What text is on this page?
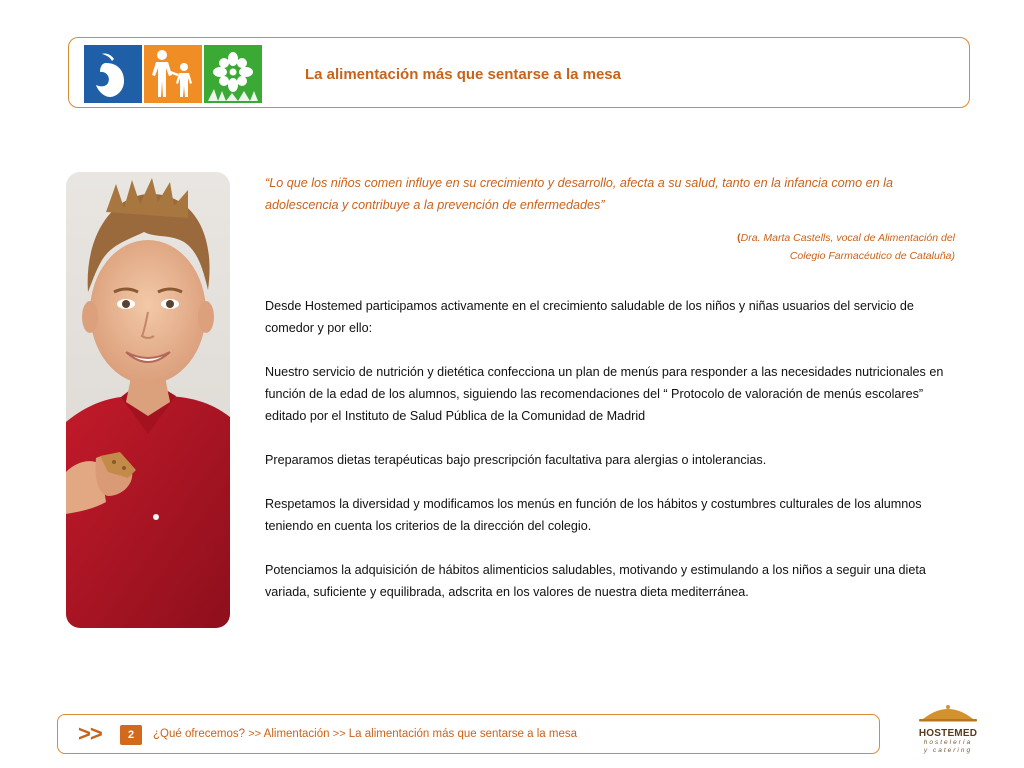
La alimentación más que sentarse a la mesa

“Lo que los niños comen influye en su crecimiento y desarrollo, afecta a su salud, tanto en la infancia como en la adolescencia y contribuye a la prevención de enfermedades”

(Dra. Marta Castells, vocal de Alimentación del
Colegio Farmacéutico de Cataluña)

Desde Hostemed participamos activamente en el crecimiento saludable de los niños y niñas usuarios del servicio de comedor y por ello:

Nuestro servicio de nutrición y dietética confecciona un plan de menús para responder a las necesidades nutricionales en función de la edad de los alumnos, siguiendo las recomendaciones del “ Protocolo de valoración de menús escolares” editado por el Instituto de Salud Pública de la Comunidad de Madrid

Preparamos dietas terapéuticas bajo prescripción facultativa para alergias o intolerancias.

Respetamos la diversidad y modificamos los menús en función de los hábitos y costumbres culturales de los alumnos teniendo en cuenta los criterios de la dirección del colegio.

Potenciamos la adquisición de hábitos alimenticios saludables, motivando y estimulando a los niños a seguir una dieta variada, suficiente y equilibrada, adscrita en los valores de nuestra dieta mediterránea.

>>	2	¿Qué ofrecemos? >> Alimentación >> La alimentación más que sentarse a la mesa	HOSTEMED
hostelería
y catering
